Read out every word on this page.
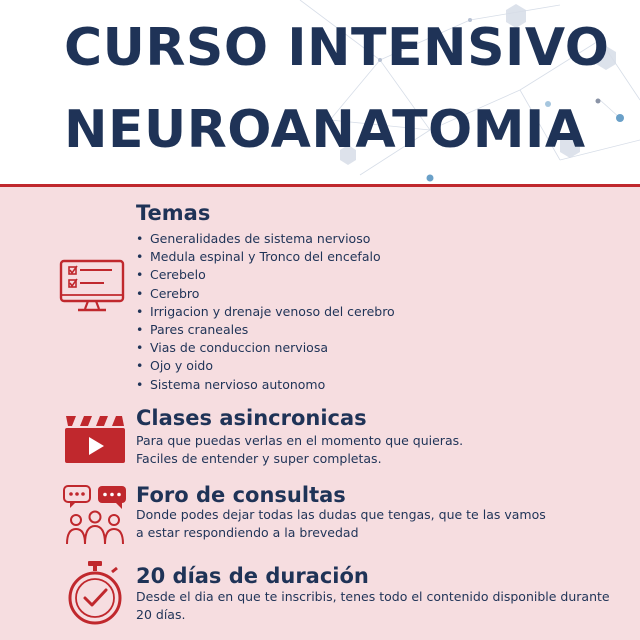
CURSO INTENSIVO
NEUROANATOMIA
Temas
• Generalidades de sistema nervioso
• Medula espinal y Tronco del encefalo
• Cerebelo
• Cerebro
• Irrigacion y drenaje venoso del cerebro
• Pares craneales
• Vias de conduccion nerviosa
• Ojo y oido
• Sistema nervioso autonomo
Clases asincronicas

Para que puedas verlas en el momento que quieras.

Faciles de entender y super completas.

Foro de consultas

Donde podes dejar todas las dudas que tengas, que te las vamos

a estar respondiendo a la brevedad

20 días de duración

Desde el dia en que te inscribis, tenes todo el contenido disponible durante

20 días.
